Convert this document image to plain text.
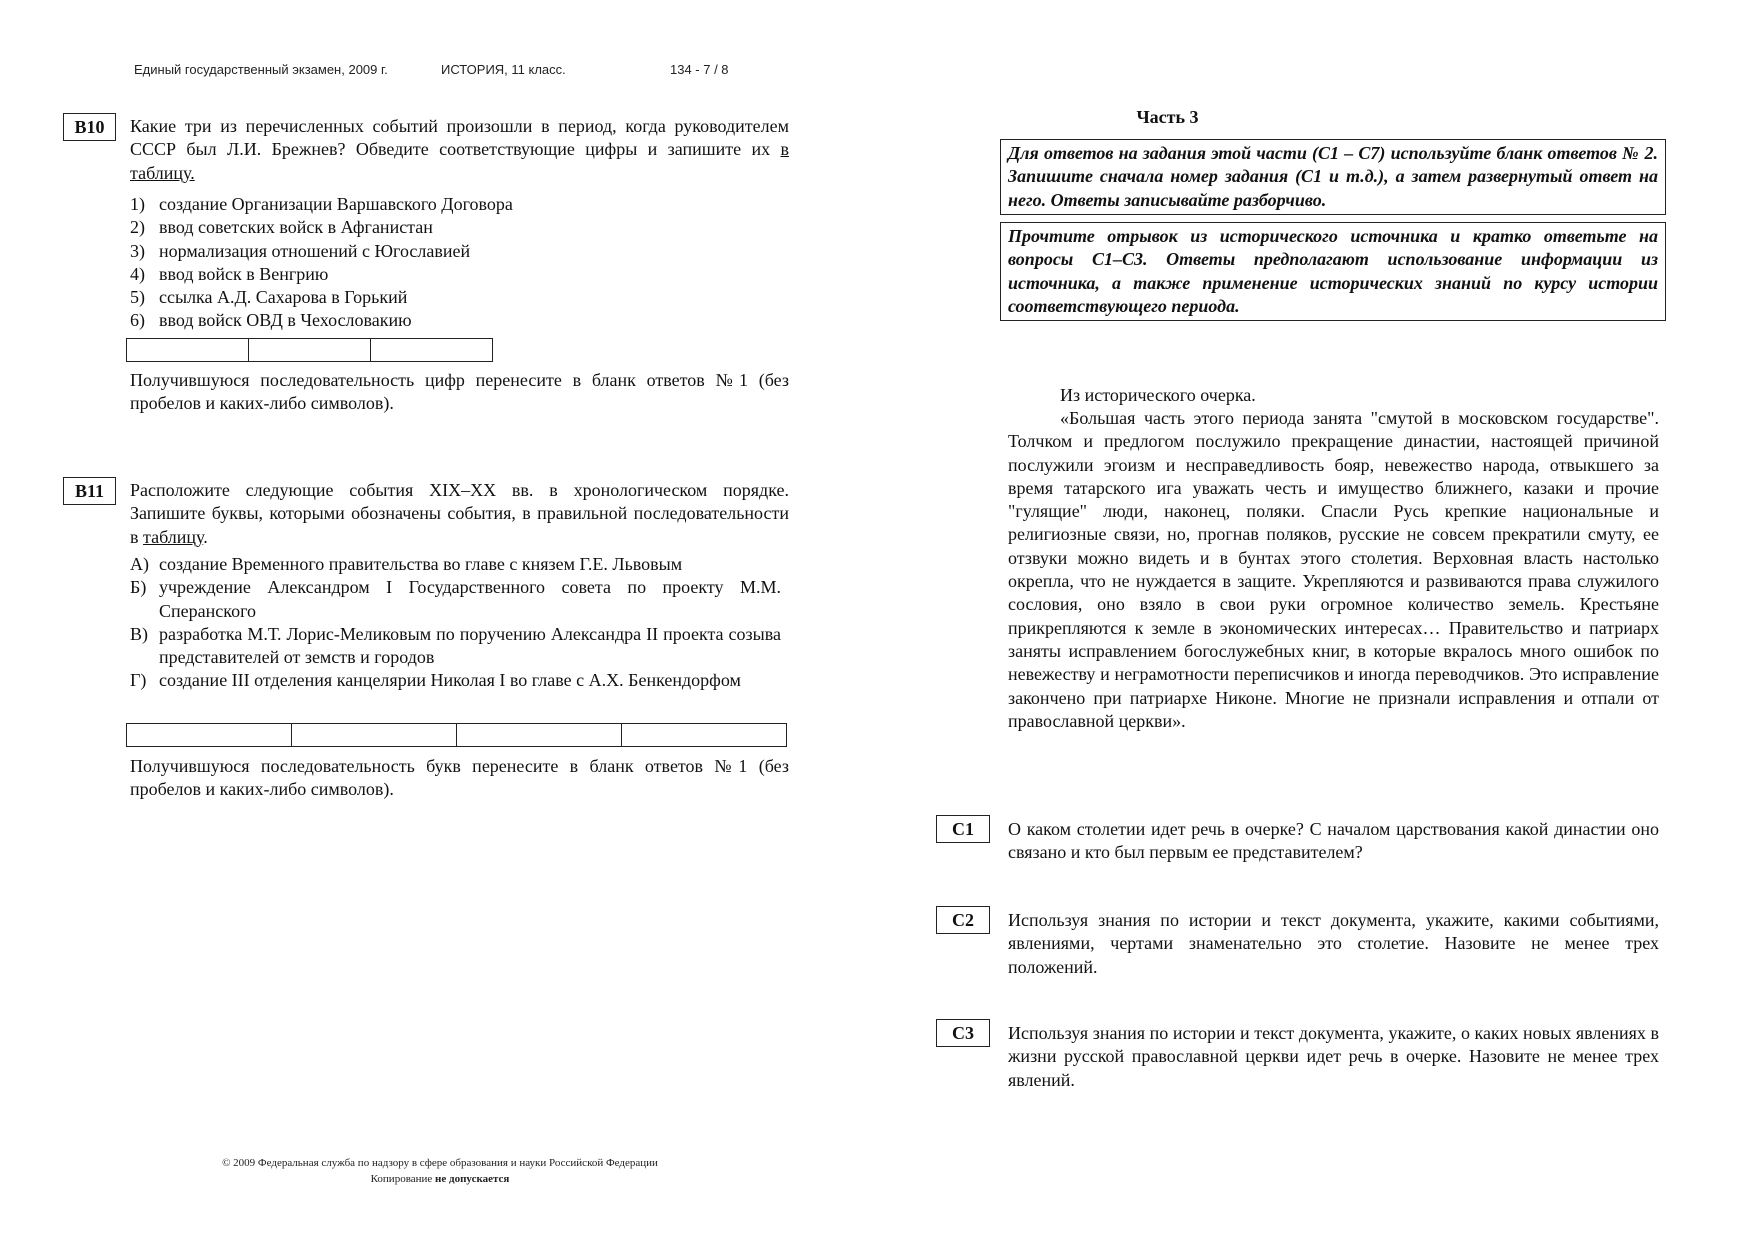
Единый государственный экзамен, 2009 г.	ИСТОРИЯ, 11 класс.	134 - 7 / 8
B10	Какие три из перечисленных событий произошли в период, когда руководителем СССР был Л.И. Брежнев? Обведите соответствующие цифры и запишите их в таблицу.
1) создание Организации Варшавского Договора
2) ввод советских войск в Афганистан
3) нормализация отношений с Югославией
4) ввод войск в Венгрию
5) ссылка А.Д. Сахарова в Горький
6) ввод войск ОВД в Чехословакию
Получившуюся последовательность цифр перенесите в бланк ответов №1 (без пробелов и каких-либо символов).
B11	Расположите следующие события XIX–XX вв. в хронологическом порядке. Запишите буквы, которыми обозначены события, в правильной последовательности в таблицу.
А) создание Временного правительства во главе с князем Г.Е. Львовым
Б) учреждение Александром I Государственного совета по проекту М.М. Сперанского
В) разработка М.Т. Лорис-Меликовым по поручению Александра II проекта созыва представителей от земств и городов
Г) создание III отделения канцелярии Николая I во главе с А.Х. Бенкендорфом
Получившуюся последовательность букв перенесите в бланк ответов №1 (без пробелов и каких-либо символов).
Часть 3
Для ответов на задания этой части (С1 – С7) используйте бланк ответов № 2. Запишите сначала номер задания (С1 и т.д.), а затем развернутый ответ на него. Ответы записывайте разборчиво.
Прочтите отрывок из исторического источника и кратко ответьте на вопросы С1–С3. Ответы предполагают использование информации из источника, а также применение исторических знаний по курсу истории соответствующего периода.
Из исторического очерка.
«Большая часть этого периода занята "смутой в московском государстве". Толчком и предлогом послужило прекращение династии, настоящей причиной послужили эгоизм и несправедливость бояр, невежество народа, отвыкшего за время татарского ига уважать честь и имущество ближнего, казаки и прочие "гулящие" люди, наконец, поляки. Спасли Русь крепкие национальные и религиозные связи, но, прогнав поляков, русские не совсем прекратили смуту, ее отзвуки можно видеть и в бунтах этого столетия. Верховная власть настолько окрепла, что не нуждается в защите. Укрепляются и развиваются права служилого сословия, оно взяло в свои руки огромное количество земель. Крестьяне прикрепляются к земле в экономических интересах… Правительство и патриарх заняты исправлением богослужебных книг, в которые вкралось много ошибок по невежеству и неграмотности переписчиков и иногда переводчиков. Это исправление закончено при патриархе Никоне. Многие не признали исправления и отпали от православной церкви».
C1	О каком столетии идет речь в очерке? С началом царствования какой династии оно связано и кто был первым ее представителем?
C2	Используя знания по истории и текст документа, укажите, какими событиями, явлениями, чертами знаменательно это столетие. Назовите не менее трех положений.
C3	Используя знания по истории и текст документа, укажите, о каких новых явлениях в жизни русской православной церкви идет речь в очерке. Назовите не менее трех явлений.
© 2009 Федеральная служба по надзору в сфере образования и науки Российской Федерации
Копирование не допускается
